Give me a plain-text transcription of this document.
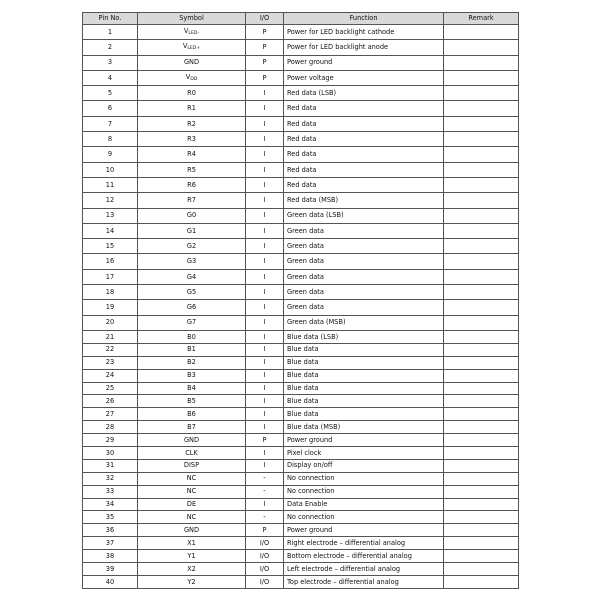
Pin No.	Symbol	I/O	Function	Remark
1	$V_{LED-}$	P	Power for LED backlight cathode	
2	$V_{LED+}$	P	Power for LED backlight anode	
3	GND	P	Power ground	
4	$V_{DD}$	P	Power voltage	
5	R0	I	Red data (LSB)	
6	R1	I	Red data	
7	R2	I	Red data	
8	R3	I	Red data	
9	R4	I	Red data	
10	R5	I	Red data	
11	R6	I	Red data	
12	R7	I	Red data (MSB)	
13	G0	I	Green data (LSB)	
14	G1	I	Green data	
15	G2	I	Green data	
16	G3	I	Green data	
17	G4	I	Green data	
18	G5	I	Green data	
19	G6	I	Green data	
20	G7	I	Green data (MSB)	
21	B0	I	Blue data (LSB)	
22	B1	I	Blue data	
23	B2	I	Blue data	
24	B3	I	Blue data	
25	B4	I	Blue data	
26	B5	I	Blue data	
27	B6	I	Blue data	
28	B7	I	Blue data (MSB)	
29	GND	P	Power ground	
30	CLK	I	Pixel clock	
31	DISP	I	Display on/off	
32	NC	-	No connection	
33	NC	-	No connection	
34	DE	I	Data Enable	
35	NC	-	No connection	
36	GND	P	Power ground	
37	X1	I/O	Right electrode – differential analog	
38	Y1	I/O	Bottom electrode – differential analog	
39	X2	I/O	Left electrode – differential analog	
40	Y2	I/O	Top electrode – differential analog	
